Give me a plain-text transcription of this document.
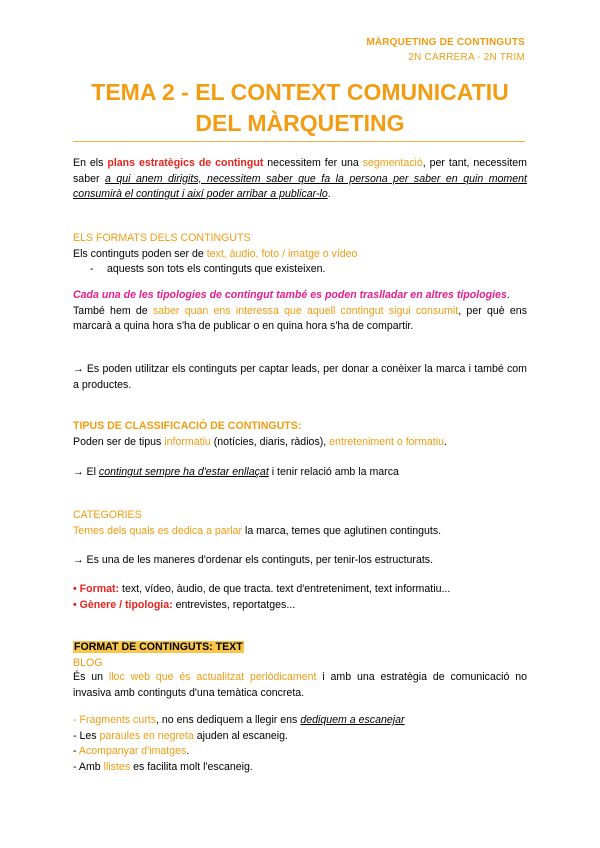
MÀRQUETING DE CONTINGUTS
2N CARRERA - 2N TRIM
TEMA 2 - EL CONTEXT COMUNICATIU
DEL MÀRQUETING
En els plans estratègics de contingut necessitem fer una segmentació, per tant, necessitem saber a qui anem dirigits, necessitem saber que fa la persona per saber en quin moment consumirà el contingut i així poder arribar a publicar-lo.
ELS FORMATS DELS CONTINGUTS
Els continguts poden ser de text, àudio, foto / imatge o vídeo
- aquests son tots els continguts que existeixen.
Cada una de les tipologies de contingut també es poden traslladar en altres tipologies.
També hem de saber quan ens interessa que aquell contingut sigui consumit, per què ens marcarà a quina hora s'ha de publicar o en quina hora s'ha de compartir.
→ Es poden utilitzar els continguts per captar leads, per donar a conèixer la marca i també com a productes.
TIPUS DE CLASSIFICACIÓ DE CONTINGUTS:
Poden ser de tipus informatiu (notícies, diaris, ràdios), entreteniment o formatiu.
→ El contingut sempre ha d'estar enllaçat i tenir relació amb la marca
CATEGORIES
Temes dels quals es dedica a parlar la marca, temes que aglutinen continguts.
→ Es una de les maneres d'ordenar els continguts, per tenir-los estructurats.
• Format: text, vídeo, àudio, de que tracta. text d'entreteniment, text informatiu...
• Gènere / tipologia: entrevistes, reportatges...
FORMAT DE CONTINGUTS: TEXT
BLOG
És un lloc web que és actualitzat periòdicament i amb una estratègia de comunicació no invasiva amb continguts d'una temàtica concreta.
- Fragments curts, no ens dediquem a llegir ens dediquem a escanejar
- Les paraules en negreta ajuden al escaneig.
- Acompanyar d'imatges.
- Amb llistes es facilita molt l'escaneig.
